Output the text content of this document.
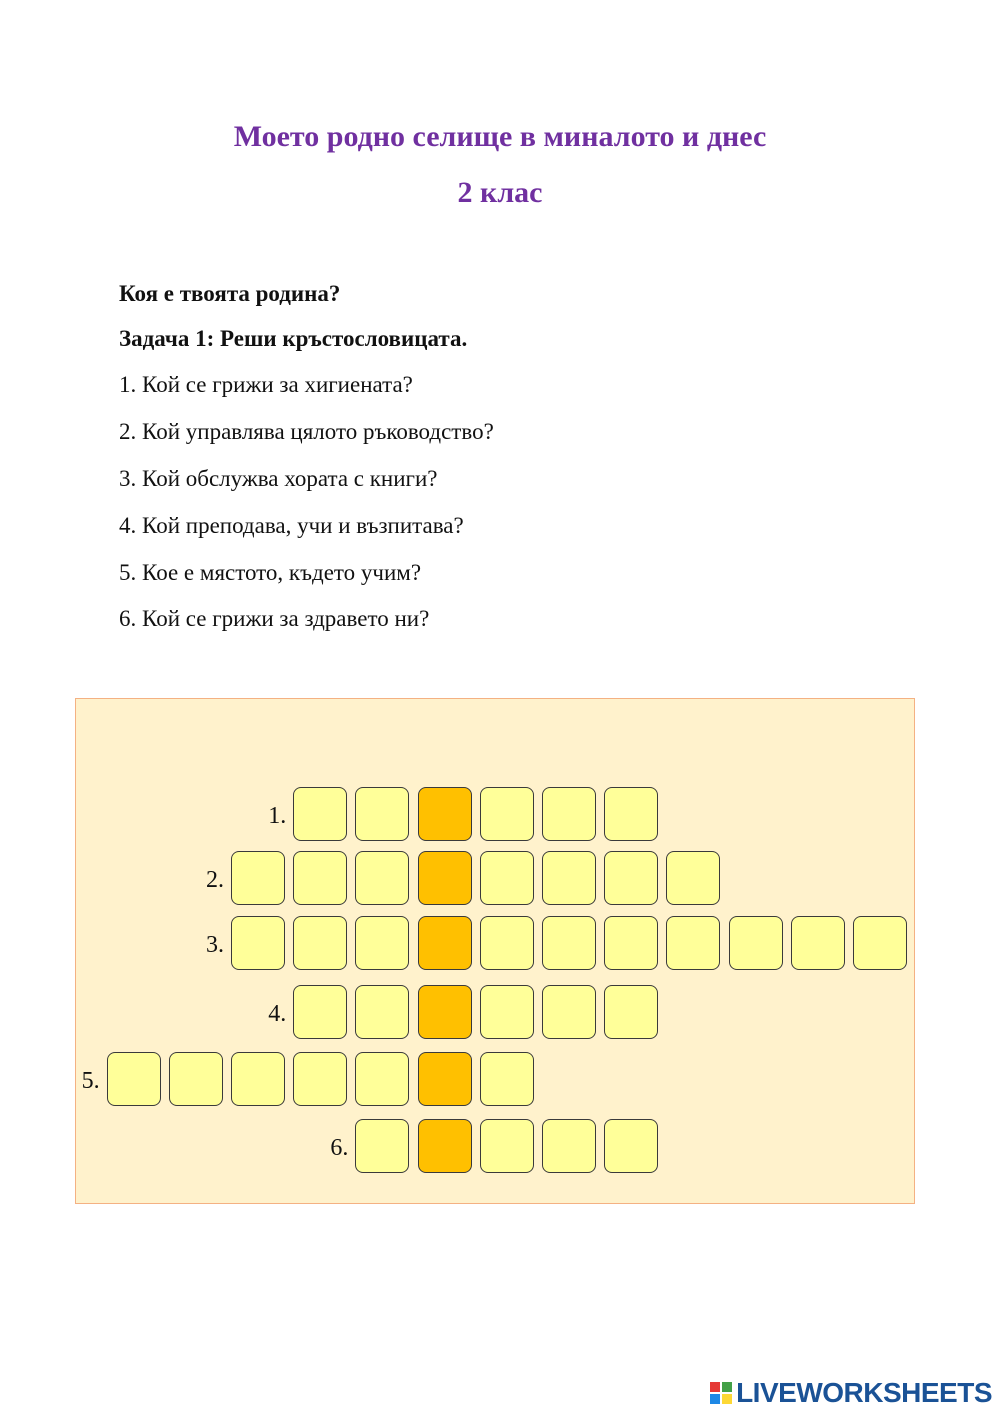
Моето родно селище в миналото и днес
2 клас

Коя е твоята родина?

Задача 1: Реши кръстословицата.

1. Кой се грижи за хигиената?

2. Кой управлява цялото ръководство?

3. Кой обслужва хората с книги?

4. Кой преподава, учи и възпитава?

5. Кое е мястото, където учим?

6. Кой се грижи за здравето ни?

1.
2.
3.
4.
5.
6.
LIVEWORKSHEETS
